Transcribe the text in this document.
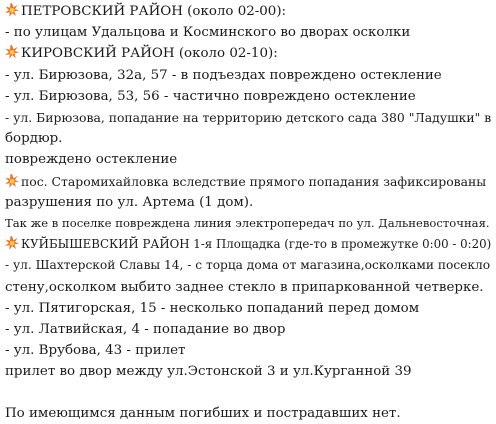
ПЕТРОВСКИЙ РАЙОН (около 02-00):
- по улицам Удальцова и Косминского во дворах осколки
КИРОВСКИЙ РАЙОН (около 02-10):
- ул. Бирюзова, 32а, 57 - в подъездах повреждено остекление
- ул. Бирюзова, 53, 56 - частично повреждено остекление
- ул. Бирюзова, попадание на территорию детского сада 380 "Ладушки" в
бордюр.
повреждено остекление
пос. Старомихайловка вследствие прямого попадания зафиксированы
разрушения по ул. Артема (1 дом).
Так же в поселке повреждена линия электропередач по ул. Дальневосточная.
КУЙБЫШЕВСКИЙ РАЙОН 1-я Площадка (где-то в промежутке 0:00 - 0:20)
- ул. Шахтерской Славы 14, - с торца дома от магазина,осколками посекло
стену,осколком выбито заднее стекло в припаркованной четверке.
- ул. Пятигорская, 15 - несколько попаданий перед домом
- ул. Латвийская, 4 - попадание во двор
- ул. Врубова, 43 - прилет
прилет во двор между ул.Эстонской 3 и ул.Курганной 39
По имеющимся данным погибших и пострадавших нет.
